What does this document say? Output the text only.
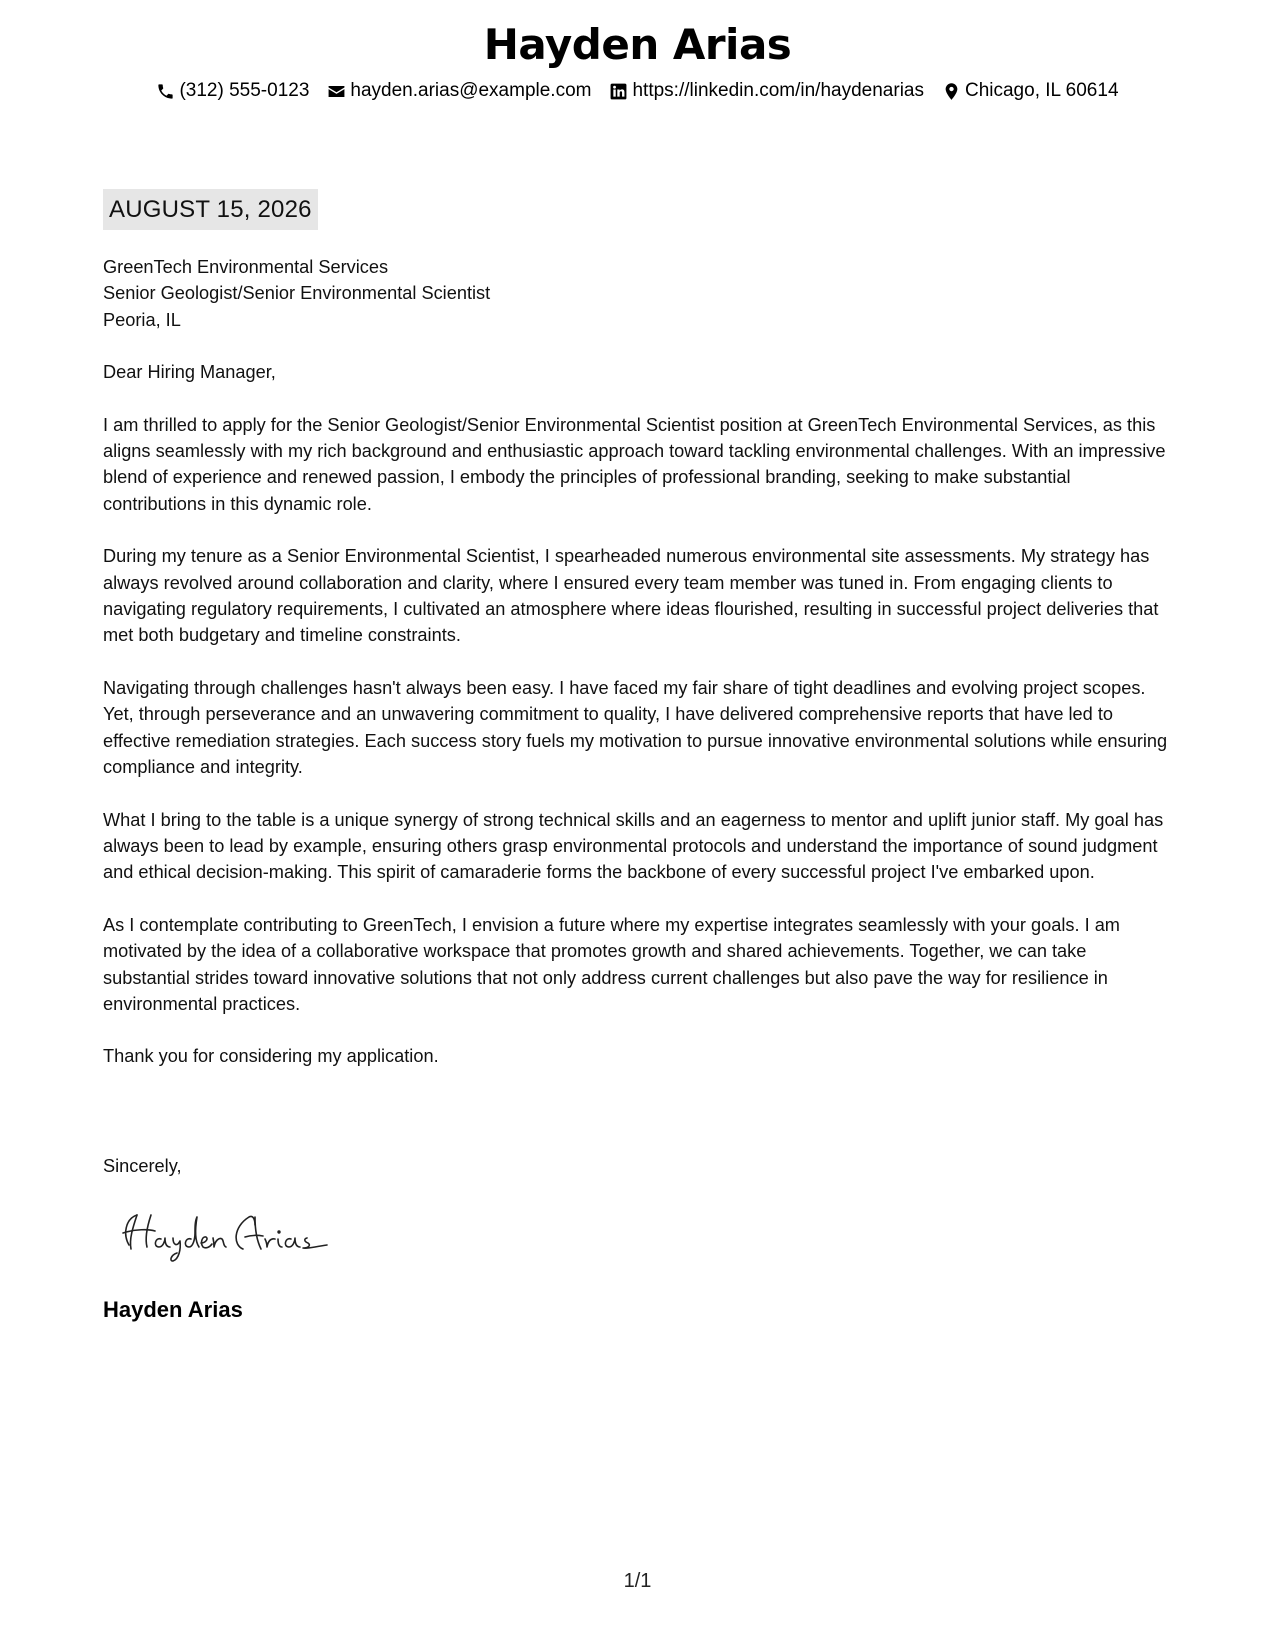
Hayden Arias
(312) 555-0123 hayden.arias@example.com https://linkedin.com/in/haydenarias Chicago, IL 60614
AUGUST 15, 2026

GreenTech Environmental Services

Senior Geologist/Senior Environmental Scientist

Peoria, IL

Dear Hiring Manager,

I am thrilled to apply for the Senior Geologist/Senior Environmental Scientist position at GreenTech Environmental Services, as this aligns seamlessly with my rich background and enthusiastic approach toward tackling environmental challenges. With an impressive blend of experience and renewed passion, I embody the principles of professional branding, seeking to make substantial contributions in this dynamic role.

During my tenure as a Senior Environmental Scientist, I spearheaded numerous environmental site assessments. My strategy has always revolved around collaboration and clarity, where I ensured every team member was tuned in. From engaging clients to navigating regulatory requirements, I cultivated an atmosphere where ideas flourished, resulting in successful project deliveries that met both budgetary and timeline constraints.

Navigating through challenges hasn't always been easy. I have faced my fair share of tight deadlines and evolving project scopes. Yet, through perseverance and an unwavering commitment to quality, I have delivered comprehensive reports that have led to effective remediation strategies. Each success story fuels my motivation to pursue innovative environmental solutions while ensuring compliance and integrity.

What I bring to the table is a unique synergy of strong technical skills and an eagerness to mentor and uplift junior staff. My goal has always been to lead by example, ensuring others grasp environmental protocols and understand the importance of sound judgment and ethical decision-making. This spirit of camaraderie forms the backbone of every successful project I've embarked upon.

As I contemplate contributing to GreenTech, I envision a future where my expertise integrates seamlessly with your goals. I am motivated by the idea of a collaborative workspace that promotes growth and shared achievements. Together, we can take substantial strides toward innovative solutions that not only address current challenges but also pave the way for resilience in environmental practices.

Thank you for considering my application.

Sincerely,

Hayden Arias

1/1
